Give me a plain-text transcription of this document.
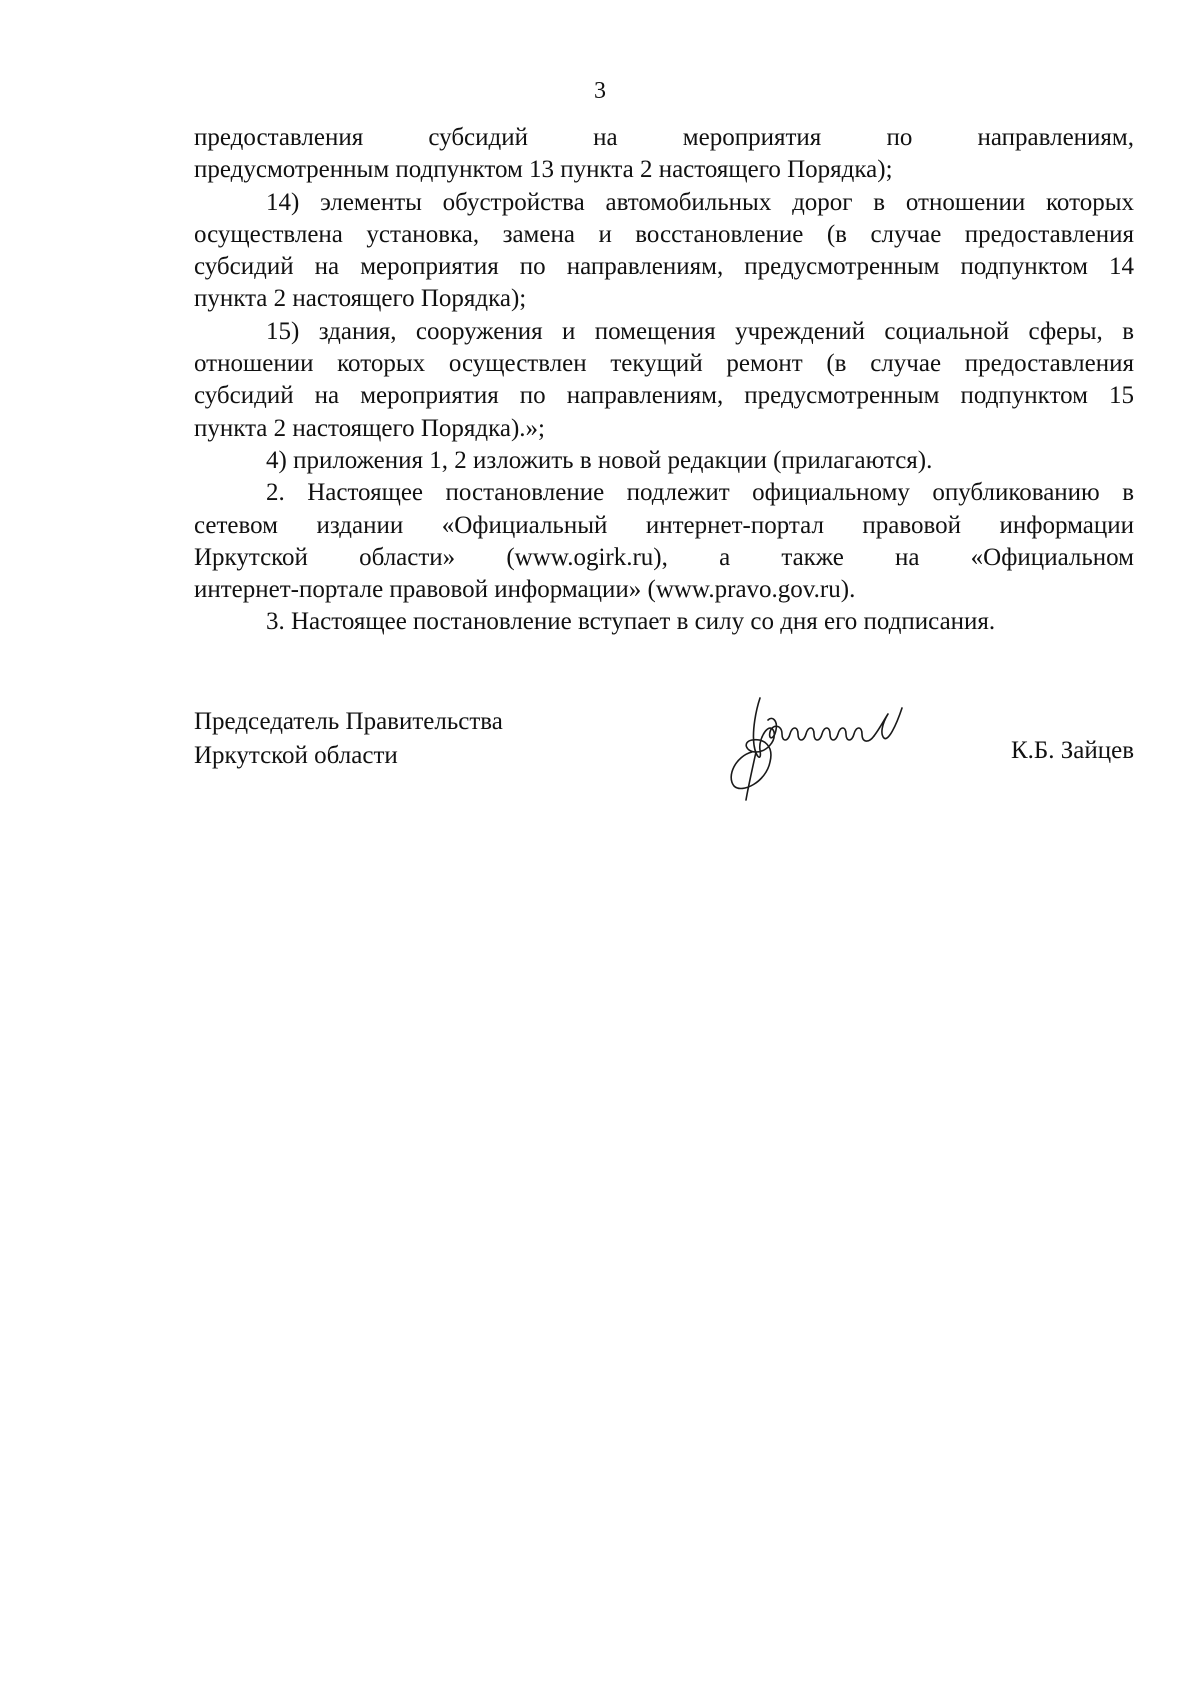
3
предоставления субсидий на мероприятия по направлениям,
предусмотренным подпунктом 13 пункта 2 настоящего Порядка);
14) элементы обустройства автомобильных дорог в отношении которых
осуществлена установка, замена и восстановление (в случае предоставления
субсидий на мероприятия по направлениям, предусмотренным подпунктом 14
пункта 2 настоящего Порядка);
15) здания, сооружения и помещения учреждений социальной сферы, в
отношении которых осуществлен текущий ремонт (в случае предоставления
субсидий на мероприятия по направлениям, предусмотренным подпунктом 15
пункта 2 настоящего Порядка).»;
4) приложения 1, 2 изложить в новой редакции (прилагаются).
2. Настоящее постановление подлежит официальному опубликованию в
сетевом издании «Официальный интернет-портал правовой информации
Иркутской области» (www.ogirk.ru), а также на «Официальном
интернет-портале правовой информации» (www.pravo.gov.ru).
3. Настоящее постановление вступает в силу со дня его подписания.
Председатель Правительства
Иркутской области	К.Б. Зайцев
